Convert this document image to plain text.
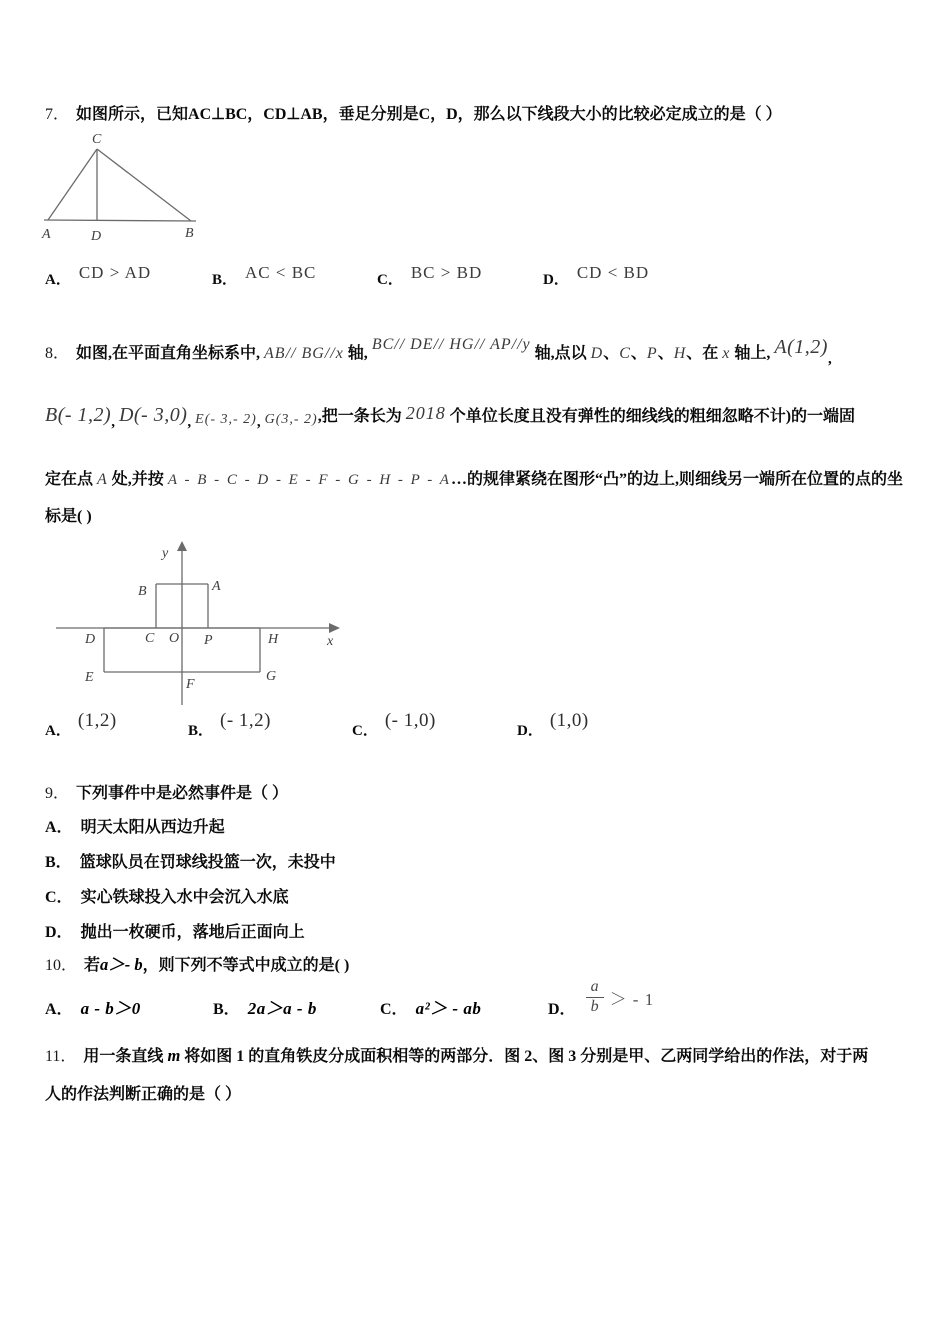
7． 如图所示，已知AC⊥BC，CD⊥AB，垂足分别是C，D，那么以下线段大小的比较必定成立的是（ ）
C
A	D	B
A． CD > AD	B． AC < BC	C． BC > BD	D． CD < BD
8． 如图,在平面直角坐标系中, AB// BG//x 轴, BC// DE// HG// AP//y 轴,点以 D、C、P、H、在 x 轴上, A(1,2),
B(- 1,2), D(- 3,0), E(- 3,- 2), G(3,- 2),把一条长为 2018 个单位长度且没有弹性的细线线的粗细忽略不计)的一端固
定在点 A 处,并按 A - B - C - D - E - F - G - H - P - A…的规律紧绕在图形“凸”的边上,则细线另一端所在位置的点的坐
标是( )
y
x
B	A
D	C O P	H
E	F
G
A． (1,2)	B． (- 1,2)	C． (- 1,0)	D． (1,0)
9． 下列事件中是必然事件是（ ）
A． 明天太阳从西边升起
B． 篮球队员在罚球线投篮一次，未投中
C． 实心铁球投入水中会沉入水底
D． 抛出一枚硬币，落地后正面向上
10． 若a＞- b，则下列不等式中成立的是( )
A． a - b＞0	B． 2a＞a - b	C． a²＞ - ab	D． $\frac{a}{b}$ ＞ - 1
11． 用一条直线 m 将如图 1 的直角铁皮分成面积相等的两部分．图 2、图 3 分别是甲、乙两同学给出的作法，对于两
人的作法判断正确的是（ ）
